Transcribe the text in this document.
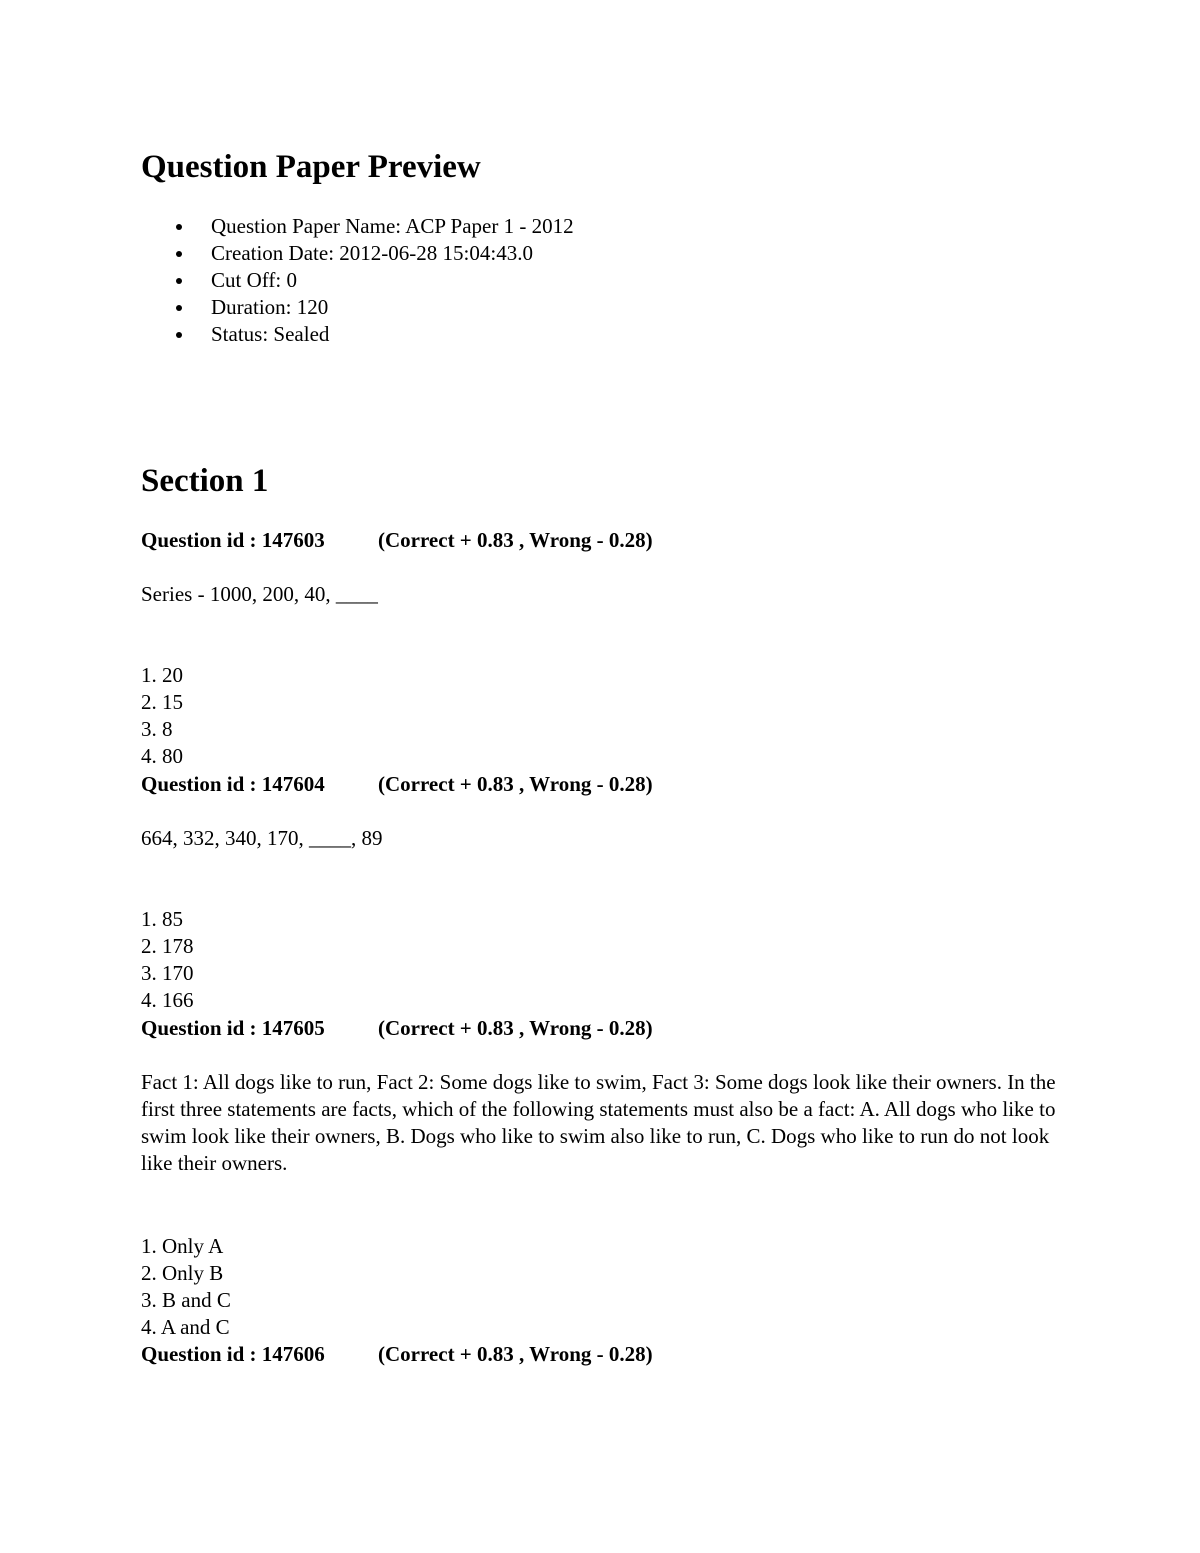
Question Paper Preview
Question Paper Name: ACP Paper 1 - 2012
Creation Date: 2012-06-28 15:04:43.0
Cut Off: 0
Duration: 120
Status: Sealed
Section 1
Question id : 147603	(Correct + 0.83 , Wrong - 0.28)
Series - 1000, 200, 40, ____
1. 20
2. 15
3. 8
4. 80
Question id : 147604	(Correct + 0.83 , Wrong - 0.28)
664, 332, 340, 170, ____, 89
1. 85
2. 178
3. 170
4. 166
Question id : 147605	(Correct + 0.83 , Wrong - 0.28)
Fact 1: All dogs like to run, Fact 2: Some dogs like to swim, Fact 3: Some dogs look like their owners. In the first three statements are facts, which of the following statements must also be a fact: A. All dogs who like to swim look like their owners, B. Dogs who like to swim also like to run, C. Dogs who like to run do not look like their owners.
1. Only A
2. Only B
3. B and C
4. A and C
Question id : 147606	(Correct + 0.83 , Wrong - 0.28)
